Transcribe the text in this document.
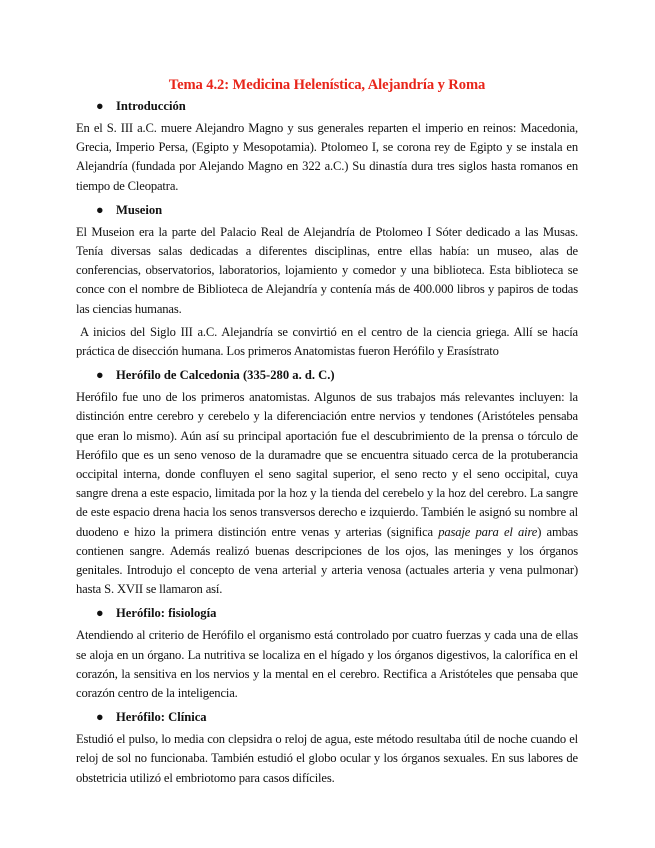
Tema 4.2: Medicina Helenística, Alejandría y Roma
● Introducción

En el S. III a.C. muere Alejandro Magno y sus generales reparten el imperio en reinos: Macedonia, Grecia, Imperio Persa, (Egipto y Mesopotamia). Ptolomeo I, se corona rey de Egipto y se instala en Alejandría (fundada por Alejando Magno en 322 a.C.) Su dinastía dura tres siglos hasta romanos en tiempo de Cleopatra.

● Museion

El Museion era la parte del Palacio Real de Alejandría de Ptolomeo I Sóter dedicado a las Musas. Tenía diversas salas dedicadas a diferentes disciplinas, entre ellas había: un museo, alas de conferencias, observatorios, laboratorios, lojamiento y comedor y una biblioteca. Esta biblioteca se conce con el nombre de Biblioteca de Alejandría y contenía más de 400.000 libros y papiros de todas las ciencias humanas.

A inicios del Siglo III a.C. Alejandría se convirtió en el centro de la ciencia griega. Allí se hacía práctica de disección humana. Los primeros Anatomistas fueron Herófilo y Erasístrato

● Herófilo de Calcedonia (335-280 a. d. C.)

Herófilo fue uno de los primeros anatomistas. Algunos de sus trabajos más relevantes incluyen: la distinción entre cerebro y cerebelo y la diferenciación entre nervios y tendones (Aristóteles pensaba que eran lo mismo). Aún así su principal aportación fue el descubrimiento de la prensa o tórculo de Herófilo que es un seno venoso de la duramadre que se encuentra situado cerca de la protuberancia occipital interna, donde confluyen el seno sagital superior, el seno recto y el seno occipital, cuya sangre drena a este espacio, limitada por la hoz y la tienda del cerebelo y la hoz del cerebro. La sangre de este espacio drena hacia los senos transversos derecho e izquierdo. También le asignó su nombre al duodeno e hizo la primera distinción entre venas y arterias (significa pasaje para el aire) ambas contienen sangre. Además realizó buenas descripciones de los ojos, las meninges y los órganos genitales. Introdujo el concepto de vena arterial y arteria venosa (actuales arteria y vena pulmonar) hasta S. XVII se llamaron así.

● Herófilo: fisiología

Atendiendo al criterio de Herófilo el organismo está controlado por cuatro fuerzas y cada una de ellas se aloja en un órgano. La nutritiva se localiza en el hígado y los órganos digestivos, la calorífica en el corazón, la sensitiva en los nervios y la mental en el cerebro. Rectifica a Aristóteles que pensaba que corazón centro de la inteligencia.

● Herófilo: Clínica

Estudió el pulso, lo media con clepsidra o reloj de agua, este método resultaba útil de noche cuando el reloj de sol no funcionaba. También estudió el globo ocular y los órganos sexuales. En sus labores de obstetricia utilizó el embriotomo para casos difíciles.
